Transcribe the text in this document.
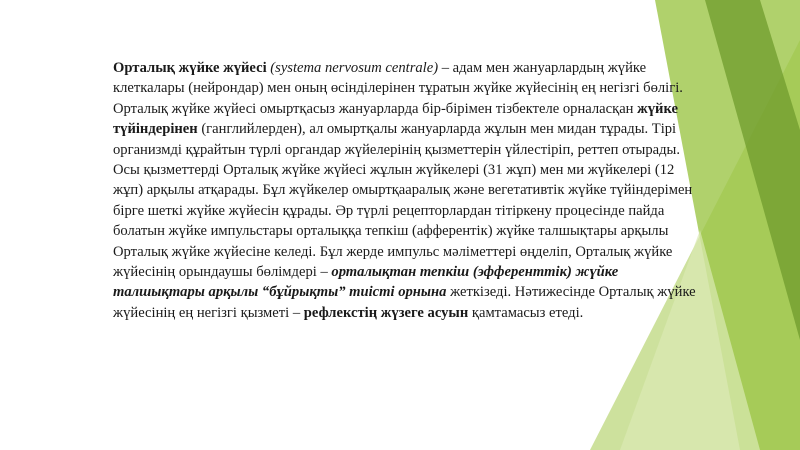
Орталық жүйке жүйесі (systema nervosum centrale) – адам мен жануарлардың жүйке клеткалары (нейрондар) мен оның өсінділерінен тұратын жүйке жүйесінің ең негізгі бөлігі. Орталық жүйке жүйесі омыртқасыз жануарларда бір-бірімен тізбектеле орналасқан жүйке түйіндерінен (ганглийлерден), ал омыртқалы жануарларда жұлын мен мидан тұрады. Тірі организмді құрайтын түрлі органдар жүйелерінің қызметтерін үйлестіріп, реттеп отырады. Осы қызметтерді Орталық жүйке жүйесі жұлын жүйкелері (31 жұп) мен ми жүйкелері (12 жұп) арқылы атқарады. Бұл жүйкелер омыртқааралық және вегетативтік жүйке түйіндерімен бірге шеткі жүйке жүйесін құрады. Әр түрлі рецепторлардан тітіркену процесінде пайда болатын жүйке импульстары орталыққа тепкіш (афферентік) жүйке талшықтары арқылы Орталық жүйке жүйесіне келеді. Бұл жерде импульс мәліметтері өңделіп, Орталық жүйке жүйесінің орындаушы бөлімдері – орталықтан тепкіш (эфференттік) жүйке талшықтары арқылы “бұйрықты” тиісті орнына жеткізеді. Нәтижесінде Орталық жүйке жүйесінің ең негізгі қызметі – рефлекстің жүзеге асуын қамтамасыз етеді.
